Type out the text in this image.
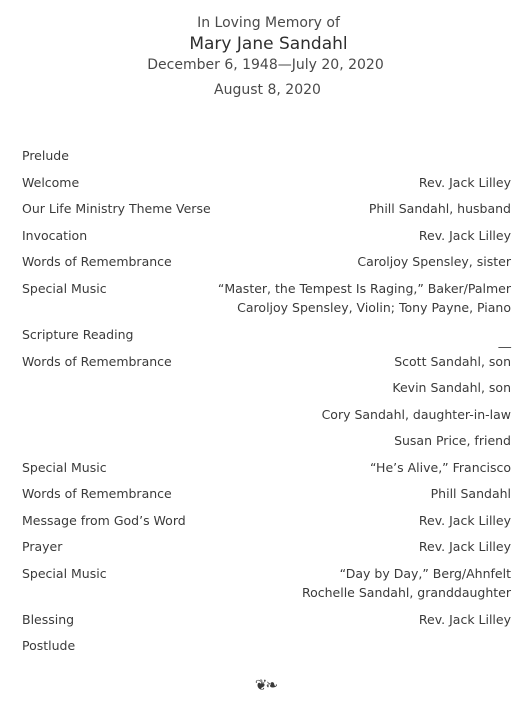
In Loving Memory of
Mary Jane Sandahl
December 6, 1948—July 20, 2020
August 8, 2020
Prelude
Welcome	Rev. Jack Lilley
Our Life Ministry Theme Verse	Phill Sandahl, husband
Invocation	Rev. Jack Lilley
Words of Remembrance	Caroljoy Spensley, sister
Special Music	“Master, the Tempest Is Raging,” Baker/Palmer
Caroljoy Spensley, Violin; Tony Payne, Piano
Scripture Reading	__
Words of Remembrance	Scott Sandahl, son
Kevin Sandahl, son
Cory Sandahl, daughter-in-law
Susan Price, friend
Special Music	“He’s Alive,” Francisco
Words of Remembrance	Phill Sandahl
Message from God’s Word	Rev. Jack Lilley
Prayer	Rev. Jack Lilley
Special Music	“Day by Day,” Berg/Ahnfelt
Rochelle Sandahl, granddaughter
Blessing	Rev. Jack Lilley
Postlude
❦❧
